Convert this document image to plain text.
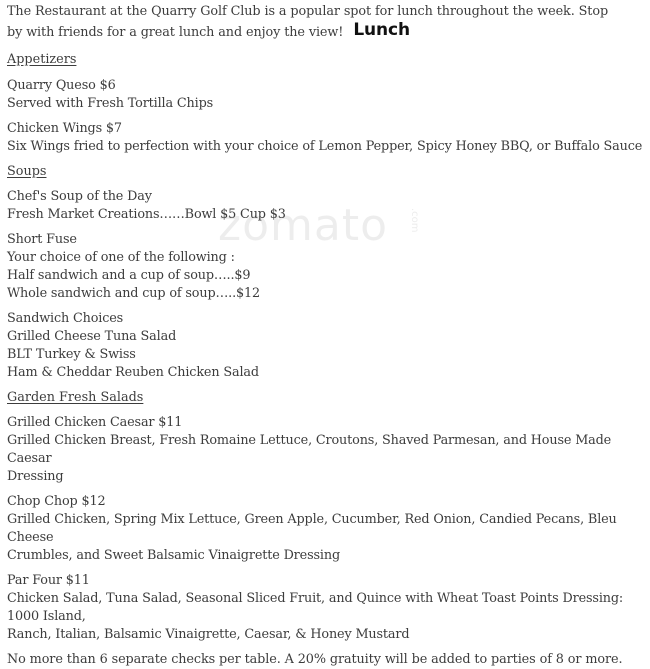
zomato .com

The Restaurant at the Quarry Golf Club is a popular spot for lunch throughout the week. Stop by with friends for a great lunch and enjoy the view! Lunch

Appetizers

Quarry Queso $6

Served with Fresh Tortilla Chips

Chicken Wings $7

Six Wings fried to perfection with your choice of Lemon Pepper, Spicy Honey BBQ, or Buffalo Sauce

Soups

Chef's Soup of the Day

Fresh Market Creations……Bowl $5 Cup $3

Short Fuse

Your choice of one of the following :

Half sandwich and a cup of soup…..$9

Whole sandwich and cup of soup…..$12

Sandwich Choices

Grilled Cheese Tuna Salad

BLT Turkey & Swiss

Ham & Cheddar Reuben Chicken Salad

Garden Fresh Salads

Grilled Chicken Caesar $11

Grilled Chicken Breast, Fresh Romaine Lettuce, Croutons, Shaved Parmesan, and House Made Caesar

Dressing

Chop Chop $12

Grilled Chicken, Spring Mix Lettuce, Green Apple, Cucumber, Red Onion, Candied Pecans, Bleu Cheese

Crumbles, and Sweet Balsamic Vinaigrette Dressing

Par Four $11

Chicken Salad, Tuna Salad, Seasonal Sliced Fruit, and Quince with Wheat Toast Points Dressing: 1000 Island,

Ranch, Italian, Balsamic Vinaigrette, Caesar, & Honey Mustard

No more than 6 separate checks per table. A 20% gratuity will be added to parties of 8 or more.
